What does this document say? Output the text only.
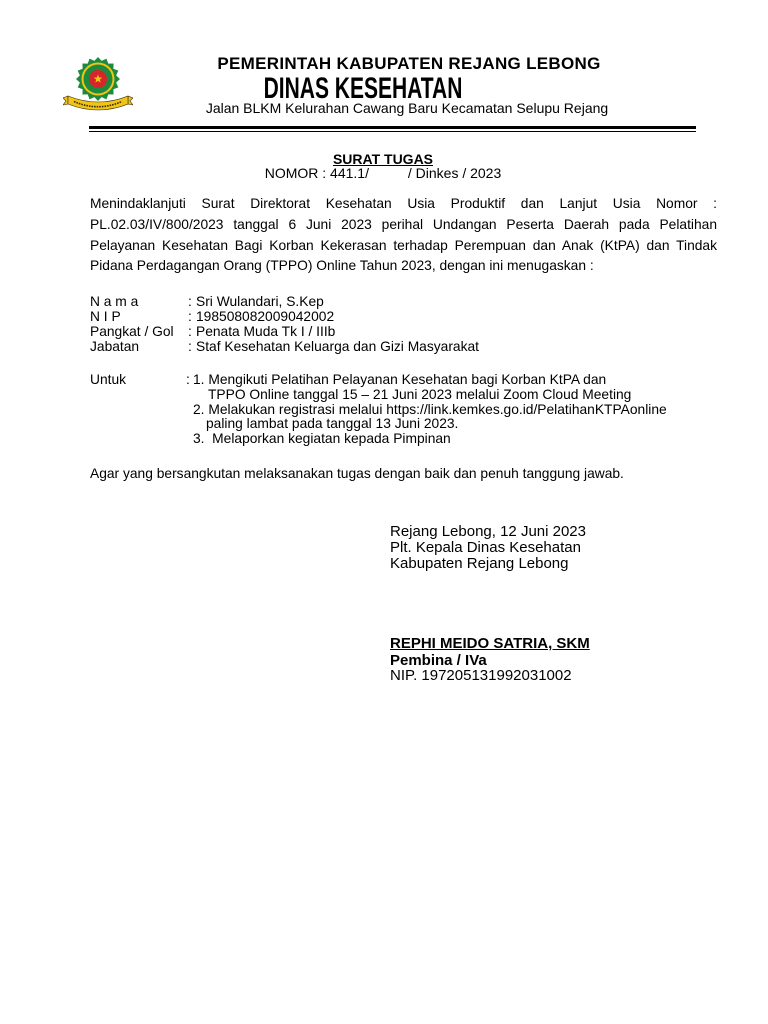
PEMERINTAH KABUPATEN REJANG LEBONG
DINAS KESEHATAN
Jalan BLKM Kelurahan Cawang Baru Kecamatan Selupu Rejang
SURAT TUGAS
NOMOR : 441.1/          / Dinkes / 2023
Menindaklanjuti Surat Direktorat Kesehatan Usia Produktif dan Lanjut Usia Nomor :
PL.02.03/IV/800/2023 tanggal 6 Juni 2023 perihal Undangan Peserta Daerah pada Pelatihan
Pelayanan Kesehatan Bagi Korban Kekerasan terhadap Perempuan dan Anak (KtPA) dan Tindak
Pidana Perdagangan Orang (TPPO) Online Tahun 2023, dengan ini menugaskan :
N a m a	: Sri Wulandari, S.Kep
N I P	: 198508082009042002
Pangkat / Gol : Penata Muda Tk I / IIIb
Jabatan	: Staf Kesehatan Keluarga dan Gizi Masyarakat
Untuk	: 1. Mengikuti Pelatihan Pelayanan Kesehatan bagi Korban KtPA dan
TPPO Online tanggal 15 – 21 Juni 2023 melalui Zoom Cloud Meeting
2. Melakukan registrasi melalui https://link.kemkes.go.id/PelatihanKTPAonline
paling lambat pada tanggal 13 Juni 2023.
3.  Melaporkan kegiatan kepada Pimpinan
Agar yang bersangkutan melaksanakan tugas dengan baik dan penuh tanggung jawab.
Rejang Lebong, 12 Juni 2023
Plt. Kepala Dinas Kesehatan
Kabupaten Rejang Lebong
REPHI MEIDO SATRIA, SKM
Pembina / IVa
NIP. 197205131992031002
